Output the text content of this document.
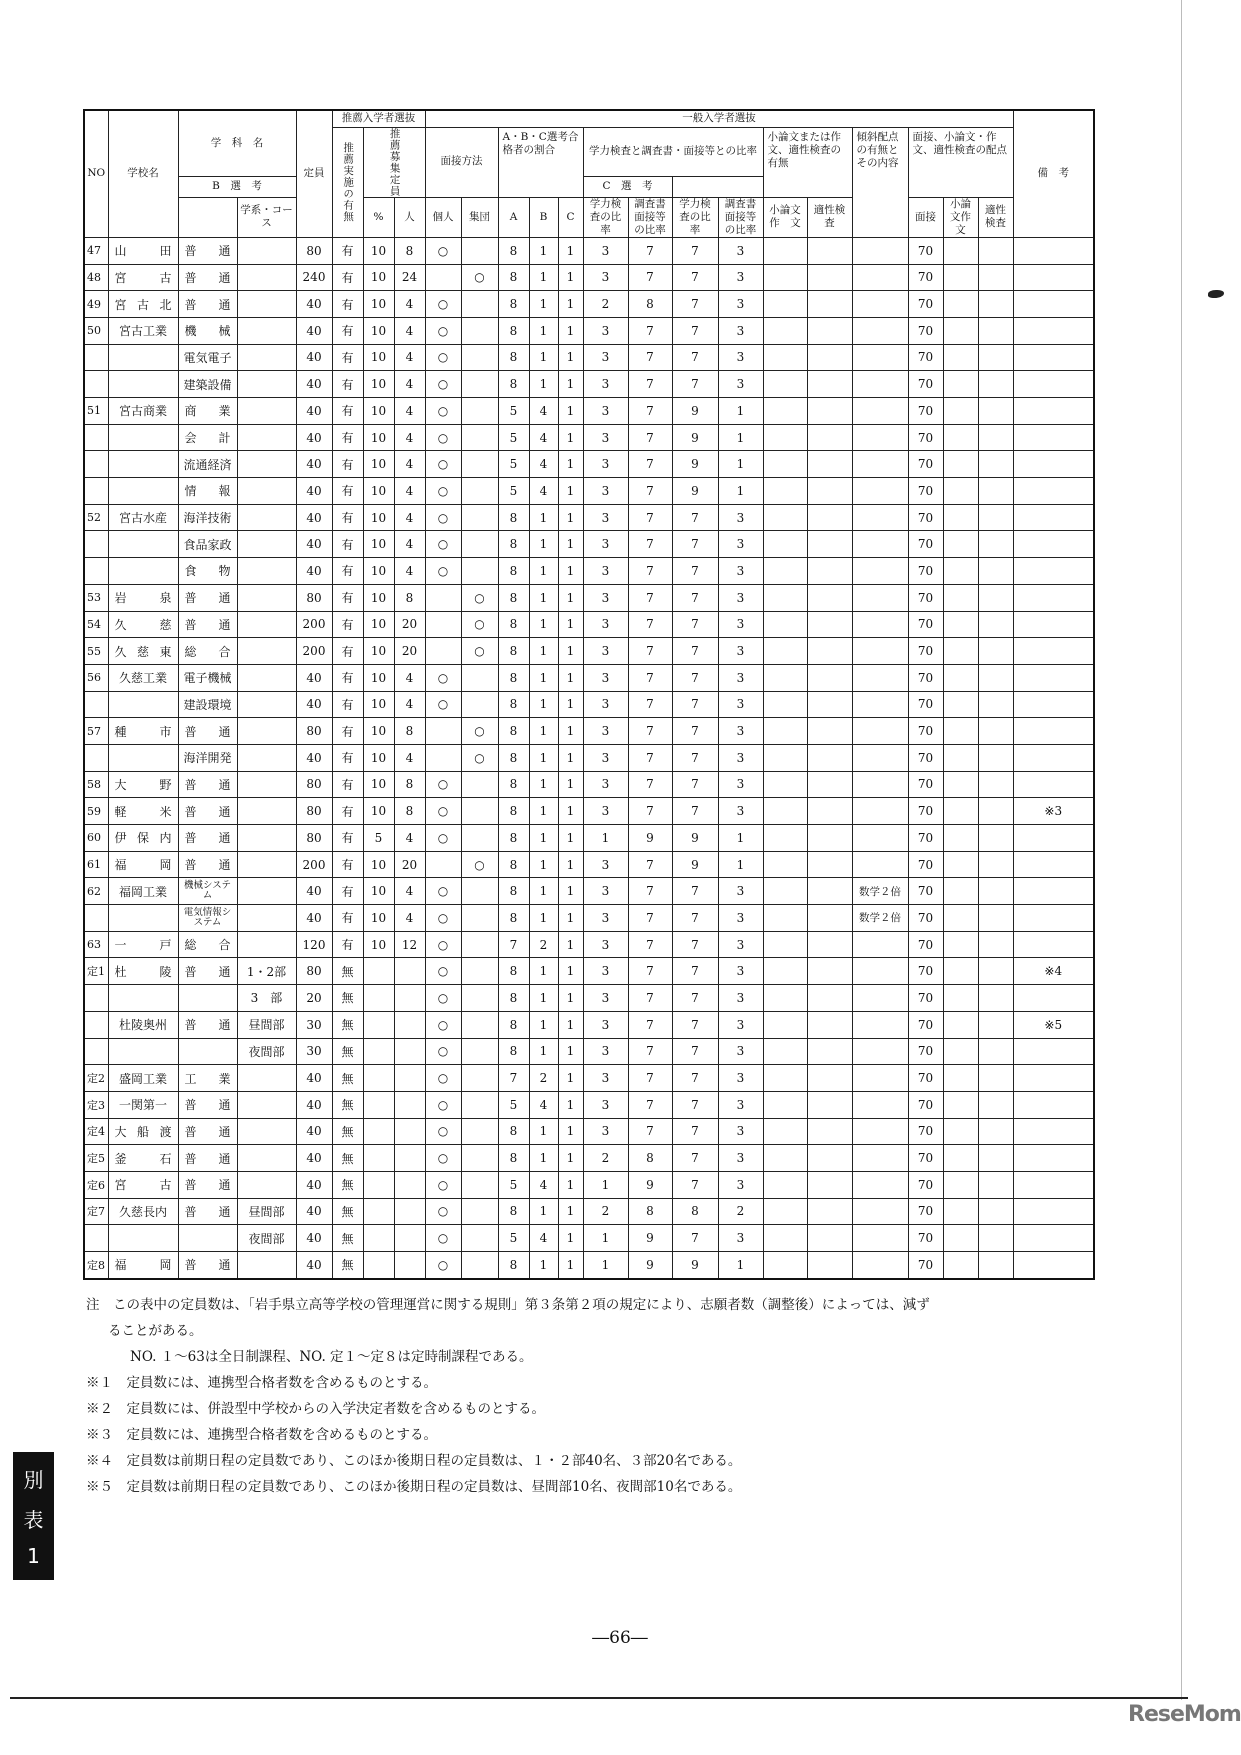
NO	学校名	学　科　名		定員	推薦入学者選抜			一般入学者選抜															備　考
					推薦実施の有無	推薦募集定員		面接方法		A・B・C選考合格者の割合			学力検査と調査書・面接等との比率				小論文または作文、適性検査の有無		傾斜配点の有無とその内容	面接、小論文・作文、適性検査の配点			
		B　選　考											C　選　考										
			学系・コース			%	人	個人	集団	A	B	C	学力検査の比率	調査書面接等の比率	学力検査の比率	調査書面接等の比率	小論文作　文	適性検査		面接	小論文作　文	適性検査	
47	山田	普通		80	有	10	8	○		8	1	1	3	7	7	3				70			
48	宮古	普通		240	有	10	24		○	8	1	1	3	7	7	3				70			
49	宮古北	普通		40	有	10	4	○		8	1	1	2	8	7	3				70			
50	宮古工業	機械		40	有	10	4	○		8	1	1	3	7	7	3				70			
		電気電子		40	有	10	4	○		8	1	1	3	7	7	3				70			
		建築設備		40	有	10	4	○		8	1	1	3	7	7	3				70			
51	宮古商業	商業		40	有	10	4	○		5	4	1	3	7	9	1				70			
		会計		40	有	10	4	○		5	4	1	3	7	9	1				70			
		流通経済		40	有	10	4	○		5	4	1	3	7	9	1				70			
		情報		40	有	10	4	○		5	4	1	3	7	9	1				70			
52	宮古水産	海洋技術		40	有	10	4	○		8	1	1	3	7	7	3				70			
		食品家政		40	有	10	4	○		8	1	1	3	7	7	3				70			
		食物		40	有	10	4	○		8	1	1	3	7	7	3				70			
53	岩泉	普通		80	有	10	8		○	8	1	1	3	7	7	3				70			
54	久慈	普通		200	有	10	20		○	8	1	1	3	7	7	3				70			
55	久慈東	総合		200	有	10	20		○	8	1	1	3	7	7	3				70			
56	久慈工業	電子機械		40	有	10	4	○		8	1	1	3	7	7	3				70			
		建設環境		40	有	10	4	○		8	1	1	3	7	7	3				70			
57	種市	普通		80	有	10	8		○	8	1	1	3	7	7	3				70			
		海洋開発		40	有	10	4		○	8	1	1	3	7	7	3				70			
58	大野	普通		80	有	10	8	○		8	1	1	3	7	7	3				70			
59	軽米	普通		80	有	10	8	○		8	1	1	3	7	7	3				70			※3
60	伊保内	普通		80	有	5	4	○		8	1	1	1	9	9	1				70			
61	福岡	普通		200	有	10	20		○	8	1	1	3	7	9	1				70			
62	福岡工業	機械システム		40	有	10	4	○		8	1	1	3	7	7	3			数学２倍	70			
		電気情報システム		40	有	10	4	○		8	1	1	3	7	7	3			数学２倍	70			
63	一戸	総合		120	有	10	12	○		7	2	1	3	7	7	3				70			
定1	杜陵	普通	1・2部	80	無			○		8	1	1	3	7	7	3				70			※4
			3　部	20	無			○		8	1	1	3	7	7	3				70			
	杜陵奥州	普通	昼間部	30	無			○		8	1	1	3	7	7	3				70			※5
			夜間部	30	無			○		8	1	1	3	7	7	3				70			
定2	盛岡工業	工業		40	無			○		7	2	1	3	7	7	3				70			
定3	一関第一	普通		40	無			○		5	4	1	3	7	7	3				70			
定4	大船渡	普通		40	無			○		8	1	1	3	7	7	3				70			
定5	釜石	普通		40	無			○		8	1	1	2	8	7	3				70			
定6	宮古	普通		40	無			○		5	4	1	1	9	7	3				70			
定7	久慈長内	普通	昼間部	40	無			○		8	1	1	2	8	8	2				70			
			夜間部	40	無			○		5	4	1	1	9	7	3				70			
定8	福岡	普通		40	無			○		8	1	1	1	9	9	1				70			
注　この表中の定員数は、「岩手県立高等学校の管理運営に関する規則」第３条第２項の規定により、志願者数（調整後）によっては、減ず
ることがある。
NO. １～63は全日制課程、NO. 定１～定８は定時制課程である。
※１　定員数には、連携型合格者数を含めるものとする。
※２　定員数には、併設型中学校からの入学決定者数を含めるものとする。
※３　定員数には、連携型合格者数を含めるものとする。
※４　定員数は前期日程の定員数であり、このほか後期日程の定員数は、１・２部40名、３部20名である。
※５　定員数は前期日程の定員数であり、このほか後期日程の定員数は、昼間部10名、夜間部10名である。
別
表
1
―66―
ReseMom
